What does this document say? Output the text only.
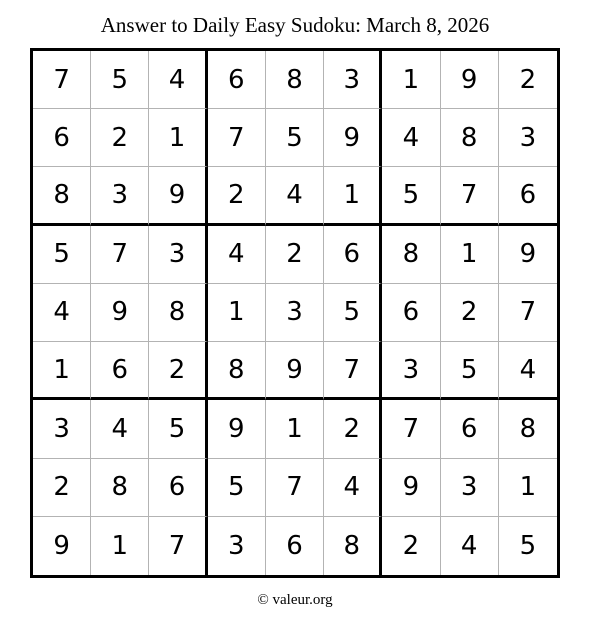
Answer to Daily Easy Sudoku: March 8, 2026
7	5	4	6	8	3	1	9	2
6	2	1	7	5	9	4	8	3
8	3	9	2	4	1	5	7	6
5	7	3	4	2	6	8	1	9
4	9	8	1	3	5	6	2	7
1	6	2	8	9	7	3	5	4
3	4	5	9	1	2	7	6	8
2	8	6	5	7	4	9	3	1
9	1	7	3	6	8	2	4	5
© valeur.org
